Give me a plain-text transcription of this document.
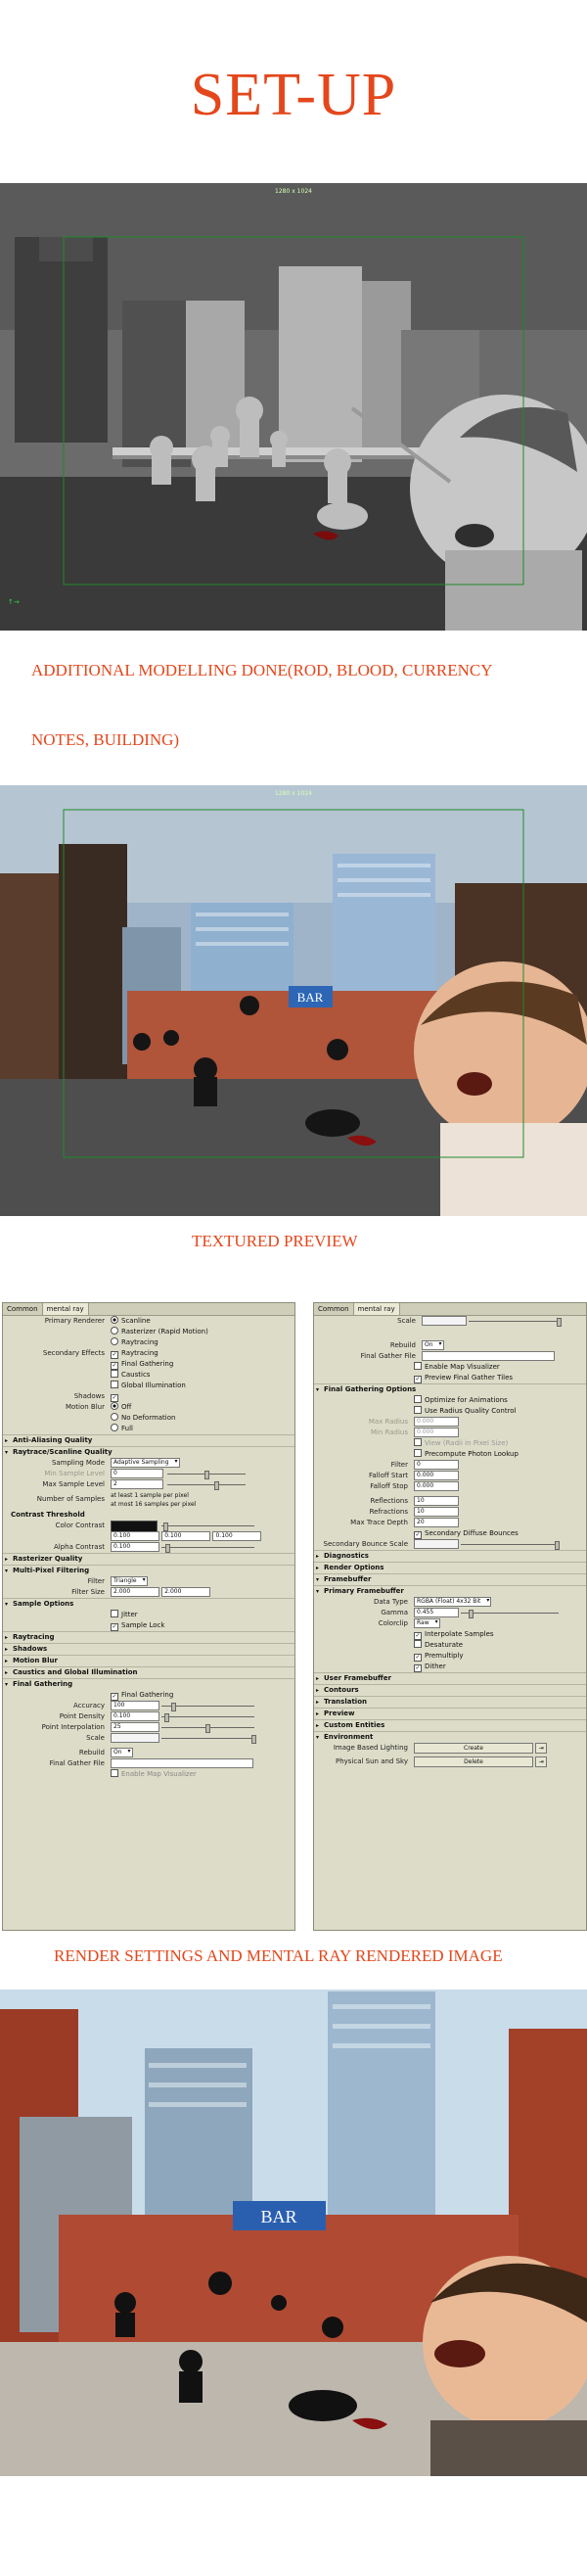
SET-UP
1280 x 1024
↑→
ADDITIONAL MODELLING DONE(ROD, BLOOD, CURRENCY
NOTES, BUILDING)
BAR
1280 x 1024
TEXTURED PREVIEW
Common	mental ray
Primary Renderer	Scanline
Rasterizer (Rapid Motion)
Raytracing
Secondary Effects ✓ Raytracing
✓ Final Gathering
Caustics
Global Illumination
Shadows ✓
Motion Blur	Off
No Deformation
Full
▸ Anti-Aliasing Quality
▾ Raytrace/Scanline Quality
Sampling Mode	Adaptive Sampling ▾
Min Sample Level	0
Max Sample Level	2
Number of Samples at least 1 sample per pixel
at most 16 samples per pixel
Contrast Threshold
Color Contrast
0.100	0.100	0.100
Alpha Contrast	0.100
▸ Rasterizer Quality
▾ Multi-Pixel Filtering
Filter	Triangle ▾
Filter Size	2.000	2.000
▾ Sample Options
Jitter
✓ Sample Lock
▸ Raytracing
▸ Shadows
▸ Motion Blur
▸ Caustics and Global Illumination
▾ Final Gathering
✓ Final Gathering
Accuracy	100
Point Density	0.100
Point Interpolation	25
Scale
Rebuild	On ▾
Final Gather File
Enable Map Visualizer
Common	mental ray
Scale
Rebuild	On ▾
Final Gather File
Enable Map Visualizer
✓ Preview Final Gather Tiles
▾ Final Gathering Options
Optimize for Animations
Use Radius Quality Control
Max Radius	0.000
Min Radius	0.000
View (Radii in Pixel Size)
Precompute Photon Lookup
Filter	0
Falloff Start	0.000
Falloff Stop	0.000
Reflections	10
Refractions	10
Max Trace Depth	20
✓ Secondary Diffuse Bounces
Secondary Bounce Scale
▸ Diagnostics
▸ Render Options
▾ Framebuffer
▾ Primary Framebuffer
Data Type	RGBA (Float) 4x32 Bit ▾
Gamma	0.455
Colorclip	Raw ▾
✓ Interpolate Samples
Desaturate
✓ Premultiply
✓ Dither
▸ User Framebuffer
▸ Contours
▸ Translation
▸ Preview
▸ Custom Entities
▾ Environment
Image Based Lighting	Create	⇥
Physical Sun and Sky	Delete	⇥
RENDER SETTINGS AND MENTAL RAY RENDERED IMAGE
BAR
